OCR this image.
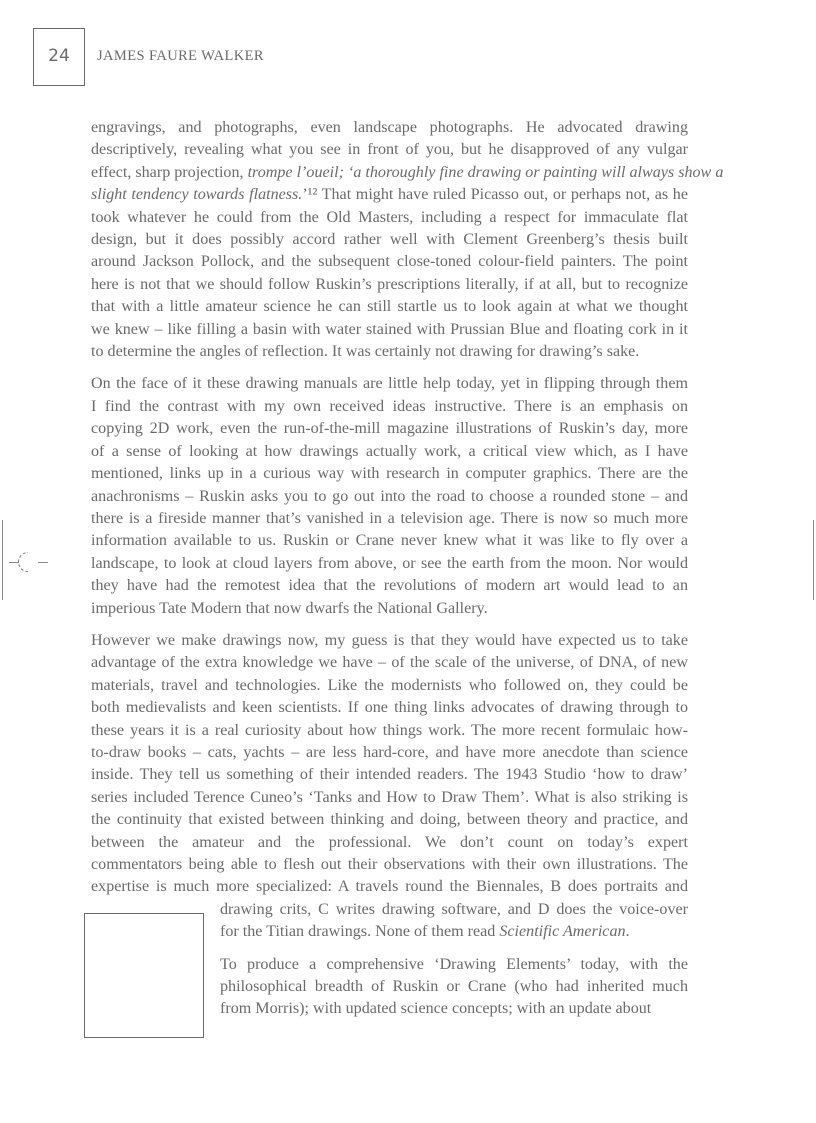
24	JAMES FAURE WALKER

engravings, and photographs, even landscape photographs. He advocated drawing
descriptively, revealing what you see in front of you, but he disapproved of any vulgar
effect, sharp projection, trompe l’oueil; ‘a thoroughly fine drawing or painting will always show a
slight tendency towards flatness.’¹² That might have ruled Picasso out, or perhaps not, as he
took whatever he could from the Old Masters, including a respect for immaculate flat
design, but it does possibly accord rather well with Clement Greenberg’s thesis built
around Jackson Pollock, and the subsequent close-toned colour-field painters. The point
here is not that we should follow Ruskin’s prescriptions literally, if at all, but to recognize
that with a little amateur science he can still startle us to look again at what we thought
we knew – like filling a basin with water stained with Prussian Blue and floating cork in it
to determine the angles of reflection. It was certainly not drawing for drawing’s sake.

On the face of it these drawing manuals are little help today, yet in flipping through them
I find the contrast with my own received ideas instructive. There is an emphasis on
copying 2D work, even the run-of-the-mill magazine illustrations of Ruskin’s day, more
of a sense of looking at how drawings actually work, a critical view which, as I have
mentioned, links up in a curious way with research in computer graphics. There are the
anachronisms – Ruskin asks you to go out into the road to choose a rounded stone – and
there is a fireside manner that’s vanished in a television age. There is now so much more
information available to us. Ruskin or Crane never knew what it was like to fly over a
landscape, to look at cloud layers from above, or see the earth from the moon. Nor would
they have had the remotest idea that the revolutions of modern art would lead to an
imperious Tate Modern that now dwarfs the National Gallery.

However we make drawings now, my guess is that they would have expected us to take
advantage of the extra knowledge we have – of the scale of the universe, of DNA, of new
materials, travel and technologies. Like the modernists who followed on, they could be
both medievalists and keen scientists. If one thing links advocates of drawing through to
these years it is a real curiosity about how things work. The more recent formulaic how-
to-draw books – cats, yachts – are less hard-core, and have more anecdote than science
inside. They tell us something of their intended readers. The 1943 Studio ‘how to draw’
series included Terence Cuneo’s ‘Tanks and How to Draw Them’. What is also striking is
the continuity that existed between thinking and doing, between theory and practice, and
between the amateur and the professional. We don’t count on today’s expert
commentators being able to flesh out their observations with their own illustrations. The
expertise is much more specialized: A travels round the Biennales, B does portraits and
drawing crits, C writes drawing software, and D does the voice-over
for the Titian drawings. None of them read Scientific American.

To produce a comprehensive ‘Drawing Elements’ today, with the
philosophical breadth of Ruskin or Crane (who had inherited much
from Morris); with updated science concepts; with an update about
